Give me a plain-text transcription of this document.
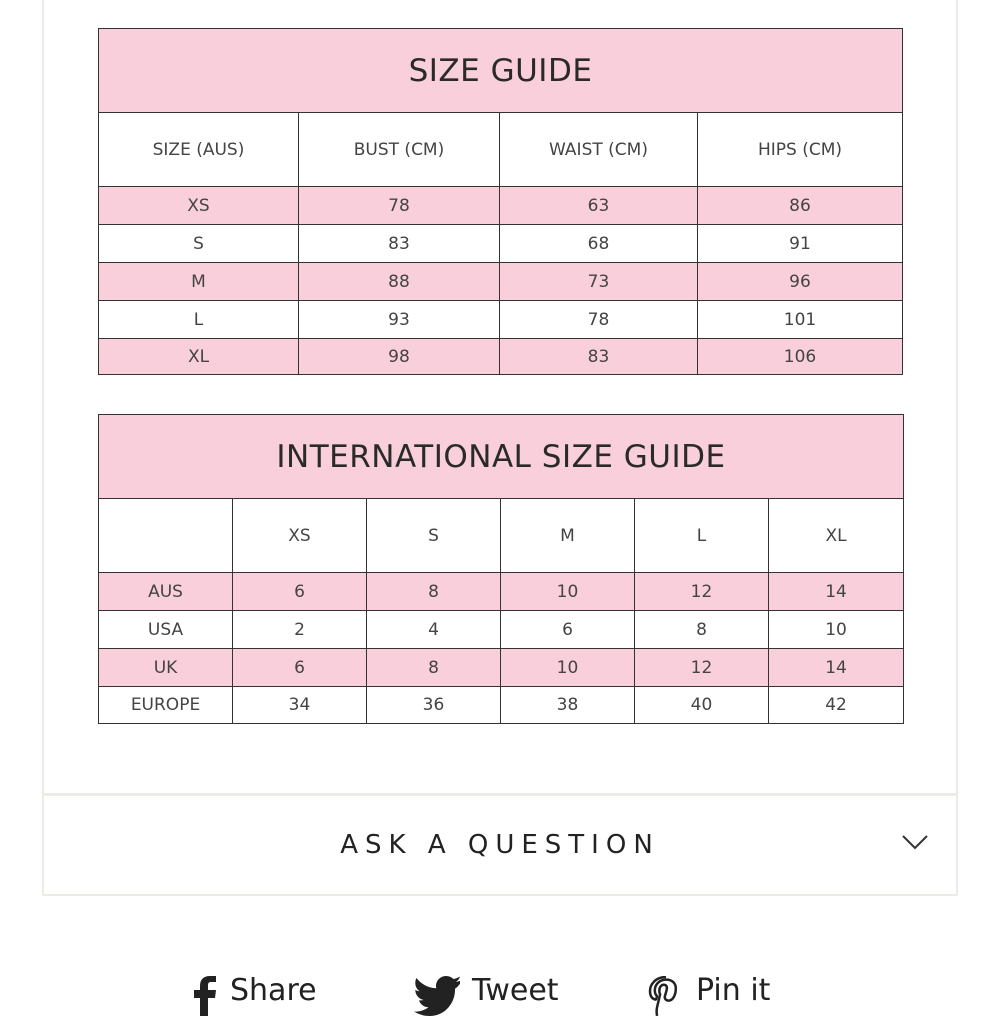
SIZE GUIDE			
SIZE (AUS)	BUST (CM)	WAIST (CM)	HIPS (CM)
XS	78	63	86
S	83	68	91
M	88	73	96
L	93	78	101
XL	98	83	106
INTERNATIONAL SIZE GUIDE					
	XS	S	M	L	XL
AUS	6	8	10	12	14
USA	2	4	6	8	10
UK	6	8	10	12	14
EUROPE	34	36	38	40	42
ASK A QUESTION
Share	Tweet	Pin it
